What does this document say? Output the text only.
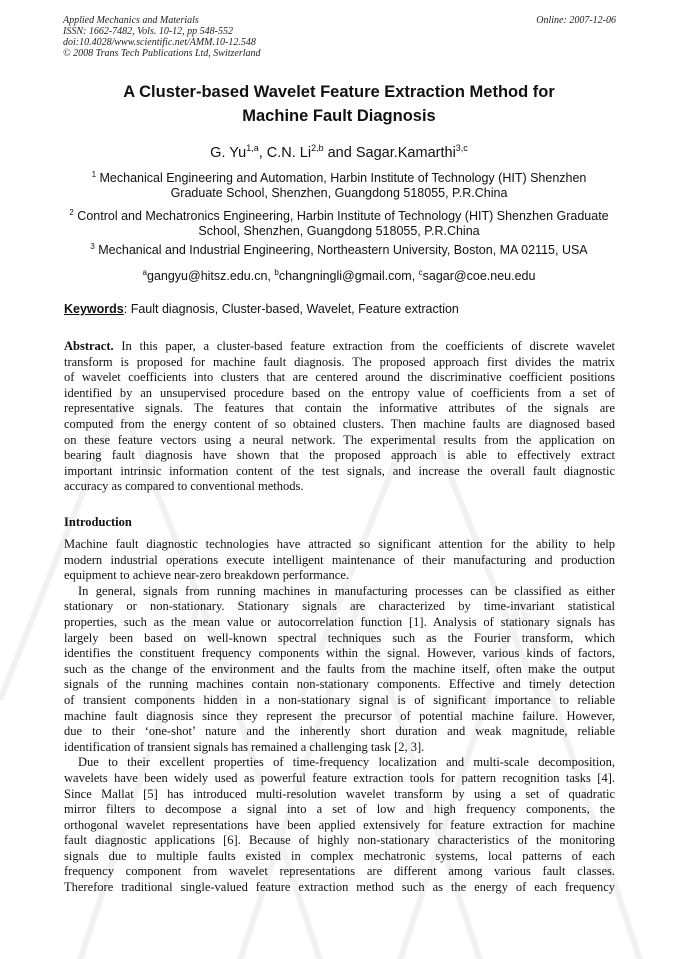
Applied Mechanics and Materials
ISSN: 1662-7482, Vols. 10-12, pp 548-552
doi:10.4028/www.scientific.net/AMM.10-12.548
© 2008 Trans Tech Publications Ltd, Switzerland
Online: 2007-12-06
A Cluster-based Wavelet Feature Extraction Method for
Machine Fault Diagnosis
G. Yu$^{1,a}$, C.N. Li$^{2,b}$ and Sagar.Kamarthi$^{3,c}$
$^1$ Mechanical Engineering and Automation, Harbin Institute of Technology (HIT) Shenzhen
Graduate School, Shenzhen, Guangdong 518055, P.R.China
$^2$ Control and Mechatronics Engineering, Harbin Institute of Technology (HIT) Shenzhen Graduate
School, Shenzhen, Guangdong 518055, P.R.China
$^3$ Mechanical and Industrial Engineering, Northeastern University, Boston, MA 02115, USA
$^a$gangyu@hitsz.edu.cn, $^b$changningli@gmail.com, $^c$sagar@coe.neu.edu
Keywords: Fault diagnosis, Cluster-based, Wavelet, Feature extraction
Abstract. In this paper, a cluster-based feature extraction from the coefficients of discrete wavelet
transform is proposed for machine fault diagnosis. The proposed approach first divides the matrix
of wavelet coefficients into clusters that are centered around the discriminative coefficient positions
identified by an unsupervised procedure based on the entropy value of coefficients from a set of
representative signals. The features that contain the informative attributes of the signals are
computed from the energy content of so obtained clusters. Then machine faults are diagnosed based
on these feature vectors using a neural network. The experimental results from the application on
bearing fault diagnosis have shown that the proposed approach is able to effectively extract
important intrinsic information content of the test signals, and increase the overall fault diagnostic
accuracy as compared to conventional methods.
Introduction
Machine fault diagnostic technologies have attracted so significant attention for the ability to help
modern industrial operations execute intelligent maintenance of their manufacturing and production
equipment to achieve near-zero breakdown performance.
In general, signals from running machines in manufacturing processes can be classified as either
stationary or non-stationary. Stationary signals are characterized by time-invariant statistical
properties, such as the mean value or autocorrelation function [1]. Analysis of stationary signals has
largely been based on well-known spectral techniques such as the Fourier transform, which
identifies the constituent frequency components within the signal. However, various kinds of factors,
such as the change of the environment and the faults from the machine itself, often make the output
signals of the running machines contain non-stationary components. Effective and timely detection
of transient components hidden in a non-stationary signal is of significant importance to reliable
machine fault diagnosis since they represent the precursor of potential machine failure. However,
due to their ‘one-shot’ nature and the inherently short duration and weak magnitude, reliable
identification of transient signals has remained a challenging task [2, 3].
Due to their excellent properties of time-frequency localization and multi-scale decomposition,
wavelets have been widely used as powerful feature extraction tools for pattern recognition tasks [4].
Since Mallat [5] has introduced multi-resolution wavelet transform by using a set of quadratic
mirror filters to decompose a signal into a set of low and high frequency components, the
orthogonal wavelet representations have been applied extensively for feature extraction for machine
fault diagnostic applications [6]. Because of highly non-stationary characteristics of the monitoring
signals due to multiple faults existed in complex mechatronic systems, local patterns of each
frequency component from wavelet representations are different among various fault classes.
Therefore traditional single-valued feature extraction method such as the energy of each frequency
